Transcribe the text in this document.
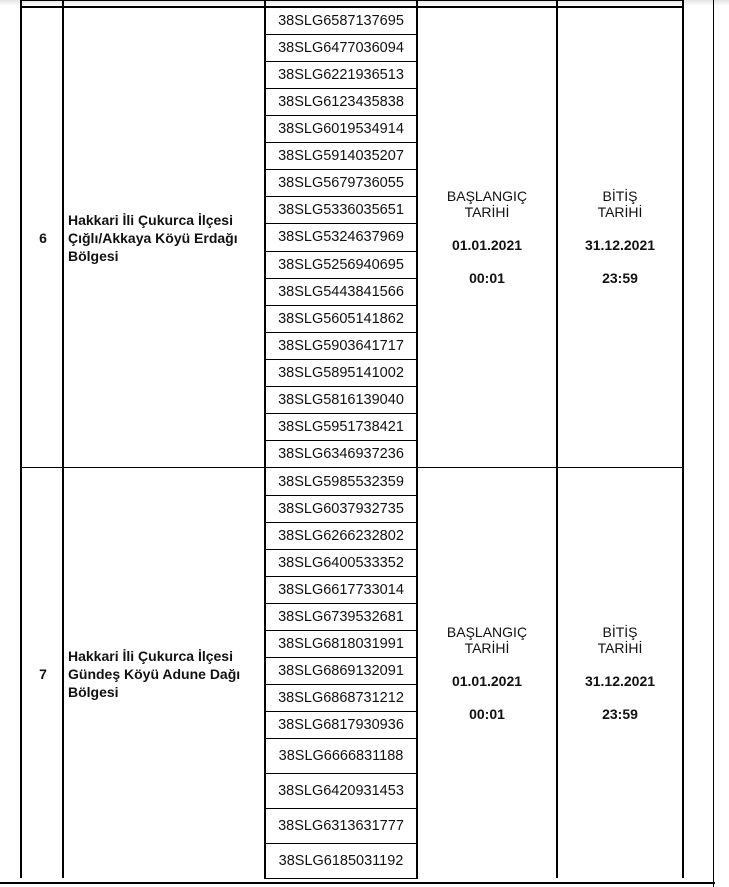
6
Hakkari İli Çukurca İlçesi Çığlı/Akkaya Köyü Erdağı Bölgesi
38SLG6587137695
38SLG6477036094
38SLG6221936513
38SLG6123435838
38SLG6019534914
38SLG5914035207
38SLG5679736055
38SLG5336035651
38SLG5324637969
38SLG5256940695
38SLG5443841566
38SLG5605141862
38SLG5903641717
38SLG5895141002
38SLG5816139040
38SLG5951738421
38SLG6346937236
BAŞLANGIÇ
TARİHİ
01.01.2021
00:01
BİTİŞ
TARİHİ
31.12.2021
23:59
7
Hakkari İli Çukurca İlçesi Gündeş Köyü Adune Dağı Bölgesi
38SLG5985532359
38SLG6037932735
38SLG6266232802
38SLG6400533352
38SLG6617733014
38SLG6739532681
38SLG6818031991
38SLG6869132091
38SLG6868731212
38SLG6817930936
38SLG6666831188
38SLG6420931453
38SLG6313631777
38SLG6185031192
BAŞLANGIÇ
TARİHİ
01.01.2021
00:01
BİTİŞ
TARİHİ
31.12.2021
23:59
